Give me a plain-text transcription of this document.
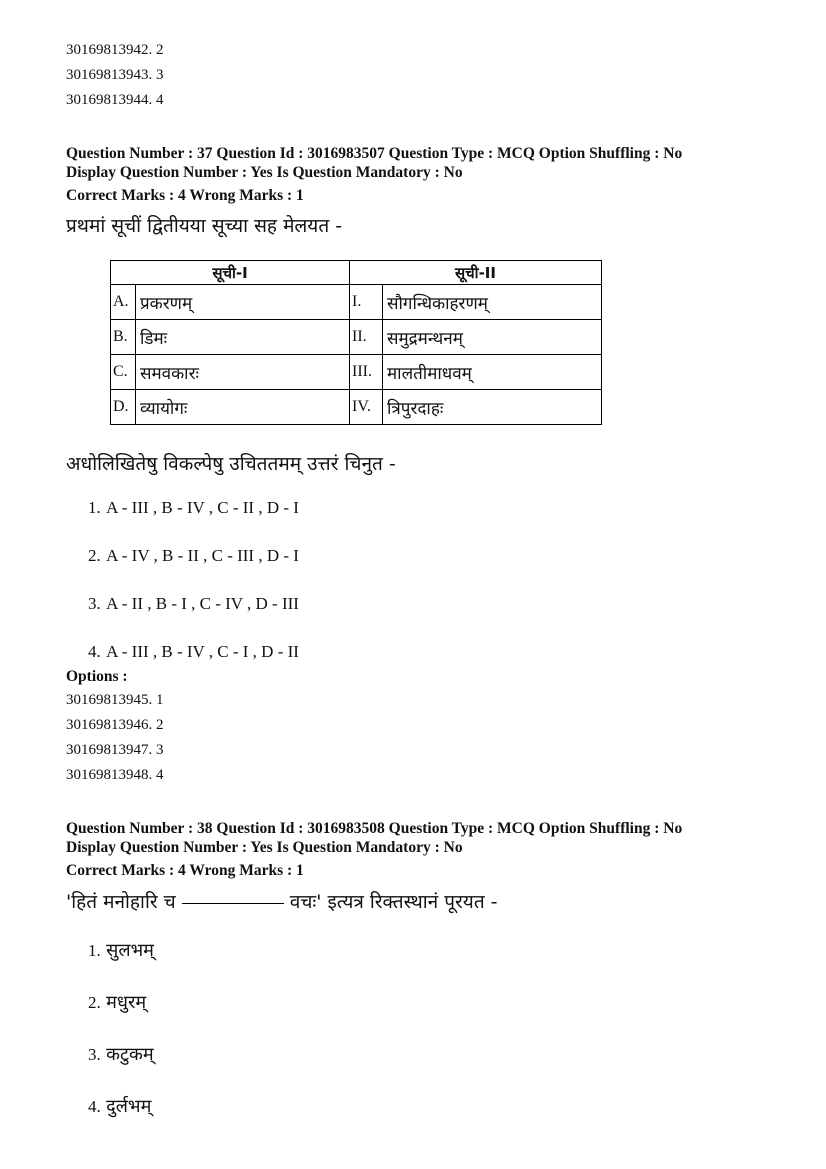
30169813942. 2
30169813943. 3
30169813944. 4
Question Number : 37 Question Id : 3016983507 Question Type : MCQ Option Shuffling : No
Display Question Number : Yes Is Question Mandatory : No
Correct Marks : 4 Wrong Marks : 1
प्रथमां सूचीं द्वितीयया सूच्या सह मेलयत -
सूची-I	सूची-II

A. प्रकरणम्	I. सौगन्धिकाहरणम्

B. डिमः	II. समुद्रमन्थनम्

C. समवकारः	III. मालतीमाधवम्

D. व्यायोगः	IV. त्रिपुरदाहः
अधोलिखितेषु विकल्पेषु उचिततमम् उत्तरं चिनुत -
1. A - III , B - IV , C - II , D - I
2. A - IV , B - II , C - III , D - I
3. A - II , B - I , C - IV , D - III
4. A - III , B - IV , C - I , D - II
Options :
30169813945. 1
30169813946. 2
30169813947. 3
30169813948. 4
Question Number : 38 Question Id : 3016983508 Question Type : MCQ Option Shuffling : No
Display Question Number : Yes Is Question Mandatory : No
Correct Marks : 4 Wrong Marks : 1
'हितं मनोहारि च	वचः' इत्यत्र रिक्तस्थानं पूरयत -
1. सुलभम्
2. मधुरम्
3. कटुकम्
4. दुर्लभम्
